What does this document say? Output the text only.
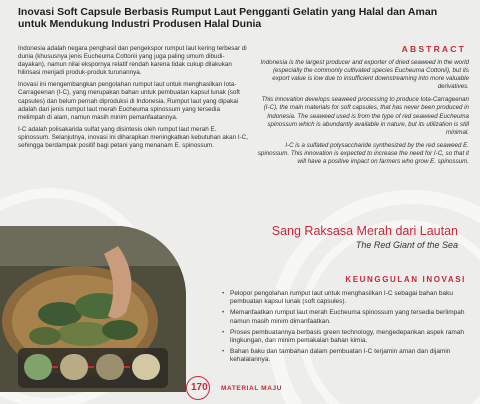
Inovasi Soft Capsule Berbasis Rumput Laut Pengganti Gelatin yang Halal dan Aman untuk Mendukung Industri Produsen Halal Dunia

Indonesia adalah negara penghasil dan pengekspor rumput laut kering terbesar di dunia (khususnya jenis Eucheuma Cottonii yang juga paling umum dibudi-dayakan), namun nilai ekspornya relatif rendah karena tidak cukup dilakukan hilirisasi menjadi produk-produk turunannya.

Inovasi ini mengembangkan pengolahan rumput laut untuk menghasilkan Iota-Carrageenan (I-C), yang merupakan bahan untuk pembuatan kapsul lunak (soft capsules) dan belum pernah diproduksi di Indonesia. Rumput laut yang dipakai adalah dari jenis rumput laut merah Eucheuma spinossum yang tersedia melimpah di alam, namun masih minim pemanfaatannya.

I-C adalah polisakarida sulfat yang disintesis oleh rumput laut merah E. spinossum. Selanjutnya, inovasi ini diharapkan meningkatkan kebutuhan akan I-C, sehingga berdampak positif bagi petani yang menanam E. spinossum.

ABSTRACT

Indonesia is the largest producer and exporter of dried seaweed in the world (especially the commonly cultivated species Eucheuma Cottonii), but its export value is low due to insufficient downstreaming into more valuable derivatives.

This innovation develops seaweed processing to produce Iota-Carrageenan (I-C), the main materials for soft capsules, that has never been produced in Indonesia. The seaweed used is from the type of red seaweed Eucheuma spinossum which is abundantly available in nature, but its utilization is still minimal.

I-C is a sulfated polysaccharide synthesized by the red seaweed E. spinossum. This innovation is expected to increase the need for I-C, so that it will have a positive impact on farmers who grow E. spinossum.

Sang Raksasa Merah dari Lautan

The Red Giant of the Sea

KEUNGGULAN INOVASI
• Pelopor pengolahan rumput laut untuk menghasilkan I-C sebagai bahan baku pembuatan kapsul lunak (soft capsules).
• Memanfaatkan rumput laut merah Eucheuma spinossum yang tersedia berlimpah namun masih minim dimanfaatkan.
• Proses pembuatannya berbasis green technology, mengedepankan aspek ramah lingkungan, dan minim pemakaian bahan kimia.
• Bahan baku dan tambahan dalam pembuatan I-C terjamin aman dan dijamin kehalalannya.
170 MATERIAL MAJU
